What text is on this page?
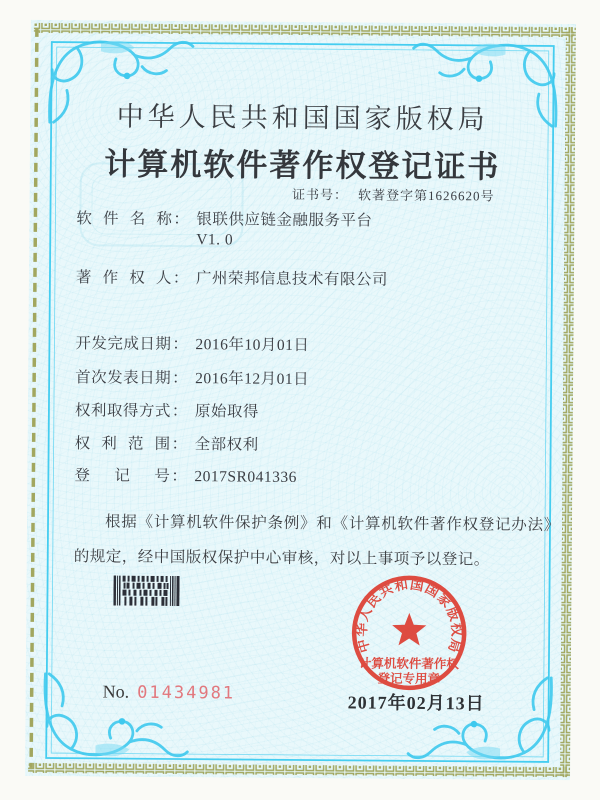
中华人民共和国国家版权局
计算机软件著作权登记证书
证书号： 软著登字第1626620号
软件名称 ： 银联供应链金融服务平台
V1. 0
著作权人 ： 广州荣邦信息技术有限公司
开发完成日期 ： 2016年10月01日
首次发表日期 ： 2016年12月01日
权利取得方式 ： 原始取得
权利范围 ： 全部权利
登记号 ： 2017SR041336
根据《计算机软件保护条例》和《计算机软件著作权登记办法》的规定，经中国版权保护中心审核，对以上事项予以登记。
No. 01434981
中华人民共和国国家版权局
计算机软件著作权
登记专用章
2017年02月13日
